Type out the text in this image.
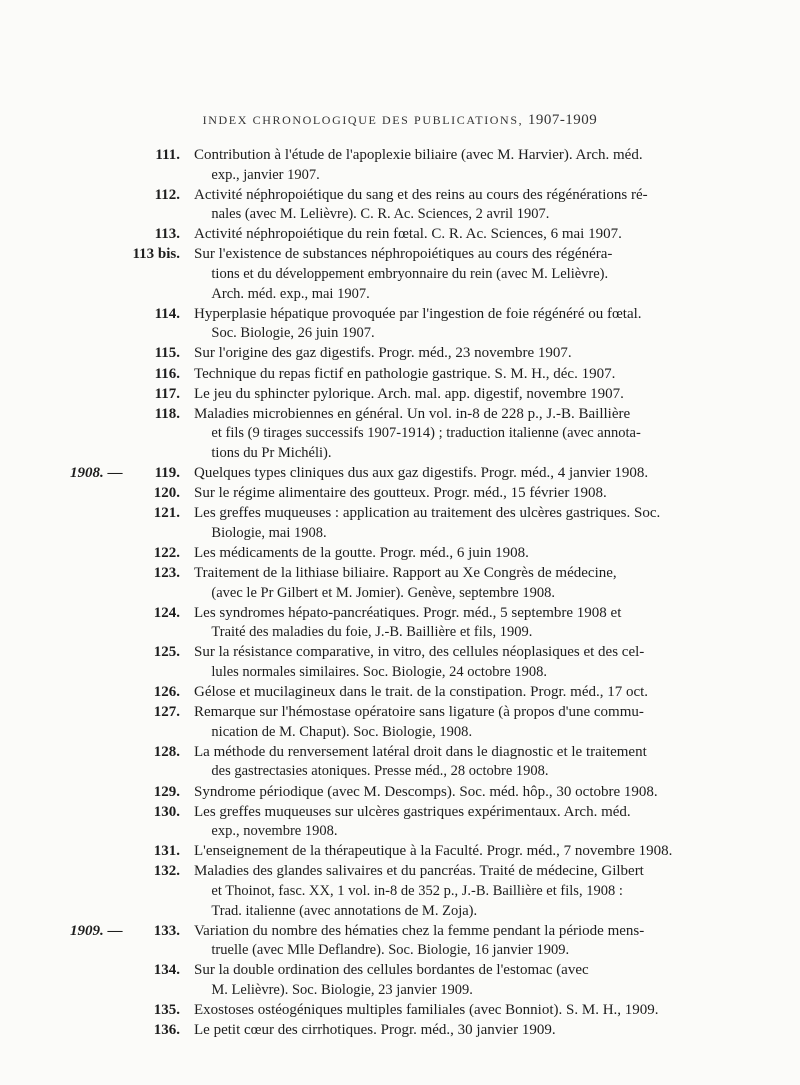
INDEX CHRONOLOGIQUE DES PUBLICATIONS, 1907-1909
111. Contribution à l'étude de l'apoplexie biliaire (avec M. Harvier). Arch. méd.
exp., janvier 1907.
112. Activité néphropoiétique du sang et des reins au cours des régénérations ré-
nales (avec M. Lelièvre). C. R. Ac. Sciences, 2 avril 1907.
113. Activité néphropoiétique du rein fœtal. C. R. Ac. Sciences, 6 mai 1907.
113 bis. Sur l'existence de substances néphropoiétiques au cours des régénéra-
tions et du développement embryonnaire du rein (avec M. Lelièvre).
Arch. méd. exp., mai 1907.
114. Hyperplasie hépatique provoquée par l'ingestion de foie régénéré ou fœtal.
Soc. Biologie, 26 juin 1907.
115. Sur l'origine des gaz digestifs. Progr. méd., 23 novembre 1907.
116. Technique du repas fictif en pathologie gastrique. S. M. H., déc. 1907.
117. Le jeu du sphincter pylorique. Arch. mal. app. digestif, novembre 1907.
118. Maladies microbiennes en général. Un vol. in-8 de 228 p., J.-B. Baillière
et fils (9 tirages successifs 1907-1914) ; traduction italienne (avec annota-
tions du Pr Michéli).
1908. —	119. Quelques types cliniques dus aux gaz digestifs. Progr. méd., 4 janvier 1908.
120. Sur le régime alimentaire des goutteux. Progr. méd., 15 février 1908.
121. Les greffes muqueuses : application au traitement des ulcères gastriques. Soc.
Biologie, mai 1908.
122. Les médicaments de la goutte. Progr. méd., 6 juin 1908.
123. Traitement de la lithiase biliaire. Rapport au Xe Congrès de médecine,
(avec le Pr Gilbert et M. Jomier). Genève, septembre 1908.
124. Les syndromes hépato-pancréatiques. Progr. méd., 5 septembre 1908 et
Traité des maladies du foie, J.-B. Baillière et fils, 1909.
125. Sur la résistance comparative, in vitro, des cellules néoplasiques et des cel-
lules normales similaires. Soc. Biologie, 24 octobre 1908.
126. Gélose et mucilagineux dans le trait. de la constipation. Progr. méd., 17 oct.
127. Remarque sur l'hémostase opératoire sans ligature (à propos d'une commu-
nication de M. Chaput). Soc. Biologie, 1908.
128. La méthode du renversement latéral droit dans le diagnostic et le traitement
des gastrectasies atoniques. Presse méd., 28 octobre 1908.
129. Syndrome périodique (avec M. Descomps). Soc. méd. hôp., 30 octobre 1908.
130. Les greffes muqueuses sur ulcères gastriques expérimentaux. Arch. méd.
exp., novembre 1908.
131. L'enseignement de la thérapeutique à la Faculté. Progr. méd., 7 novembre 1908.
132. Maladies des glandes salivaires et du pancréas. Traité de médecine, Gilbert
et Thoinot, fasc. XX, 1 vol. in-8 de 352 p., J.-B. Baillière et fils, 1908 :
Trad. italienne (avec annotations de M. Zoja).
1909. —	133. Variation du nombre des hématies chez la femme pendant la période mens-
truelle (avec Mlle Deflandre). Soc. Biologie, 16 janvier 1909.
134. Sur la double ordination des cellules bordantes de l'estomac (avec
M. Lelièvre). Soc. Biologie, 23 janvier 1909.
135. Exostoses ostéogéniques multiples familiales (avec Bonniot). S. M. H., 1909.
136. Le petit cœur des cirrhotiques. Progr. méd., 30 janvier 1909.
